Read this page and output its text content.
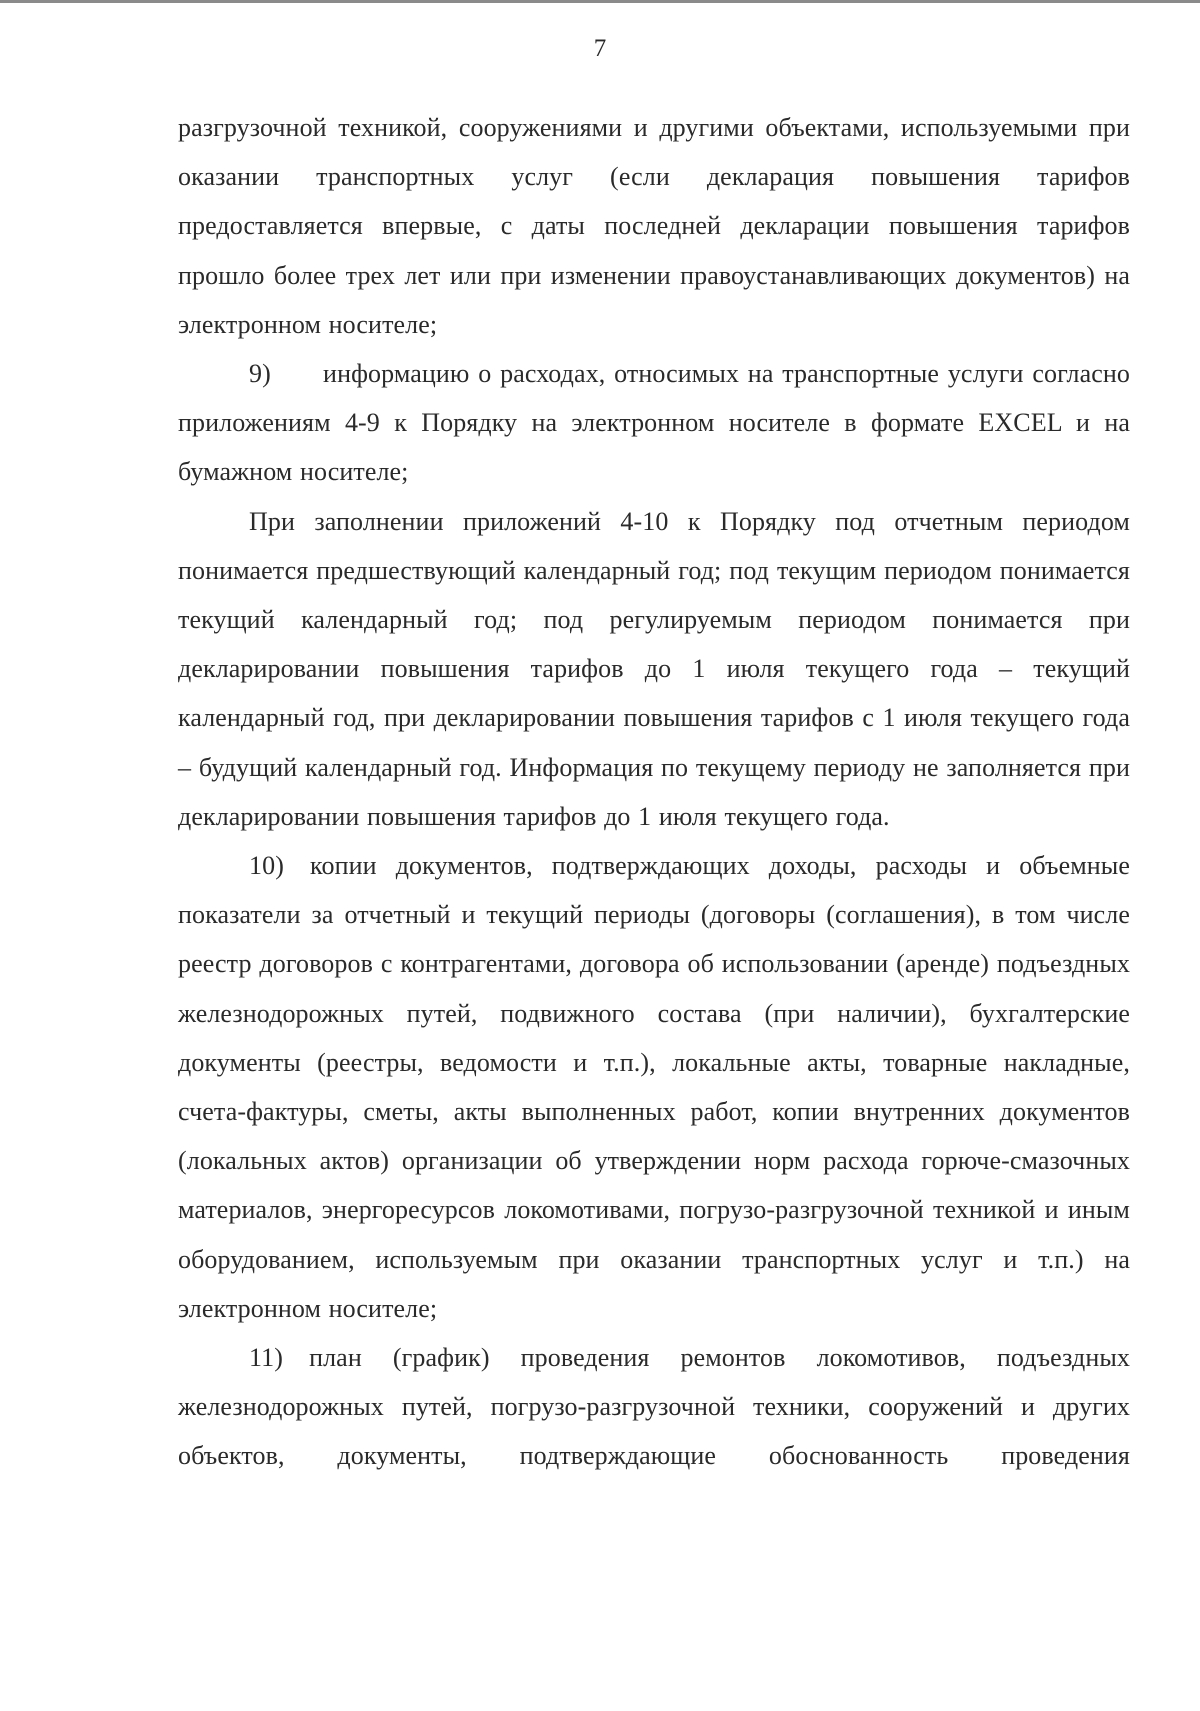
7

разгрузочной техникой, сооружениями и другими объектами, используемыми при оказании транспортных услуг (если декларация повышения тарифов предоставляется впервые, с даты последней декларации повышения тарифов прошло более трех лет или при изменении правоустанавливающих документов) на электронном носителе;

9)  информацию о расходах, относимых на транспортные услуги согласно приложениям 4-9 к Порядку на электронном носителе в формате EXCEL и на бумажном носителе;

При заполнении приложений 4-10 к Порядку под отчетным периодом понимается предшествующий календарный год; под текущим периодом понимается текущий календарный год; под регулируемым периодом понимается при декларировании повышения тарифов до 1 июля текущего года – текущий календарный год, при декларировании повышения тарифов с 1 июля текущего года – будущий календарный год. Информация по текущему периоду не заполняется при декларировании повышения тарифов до 1 июля текущего года.

10) копии документов, подтверждающих доходы, расходы и объемные показатели за отчетный и текущий периоды (договоры (соглашения), в том числе реестр договоров с контрагентами, договора об использовании (аренде) подъездных железнодорожных путей, подвижного состава (при наличии), бухгалтерские документы (реестры, ведомости и т.п.), локальные акты, товарные накладные, счета-фактуры, сметы, акты выполненных работ, копии внутренних документов (локальных актов) организации об утверждении норм расхода горюче-смазочных материалов, энергоресурсов локомотивами, погрузо-разгрузочной техникой и иным оборудованием, используемым при оказании транспортных услуг и т.п.) на электронном носителе;

11) план (график) проведения ремонтов локомотивов, подъездных железнодорожных путей, погрузо-разгрузочной техники, сооружений и других объектов, документы, подтверждающие обоснованность проведения
